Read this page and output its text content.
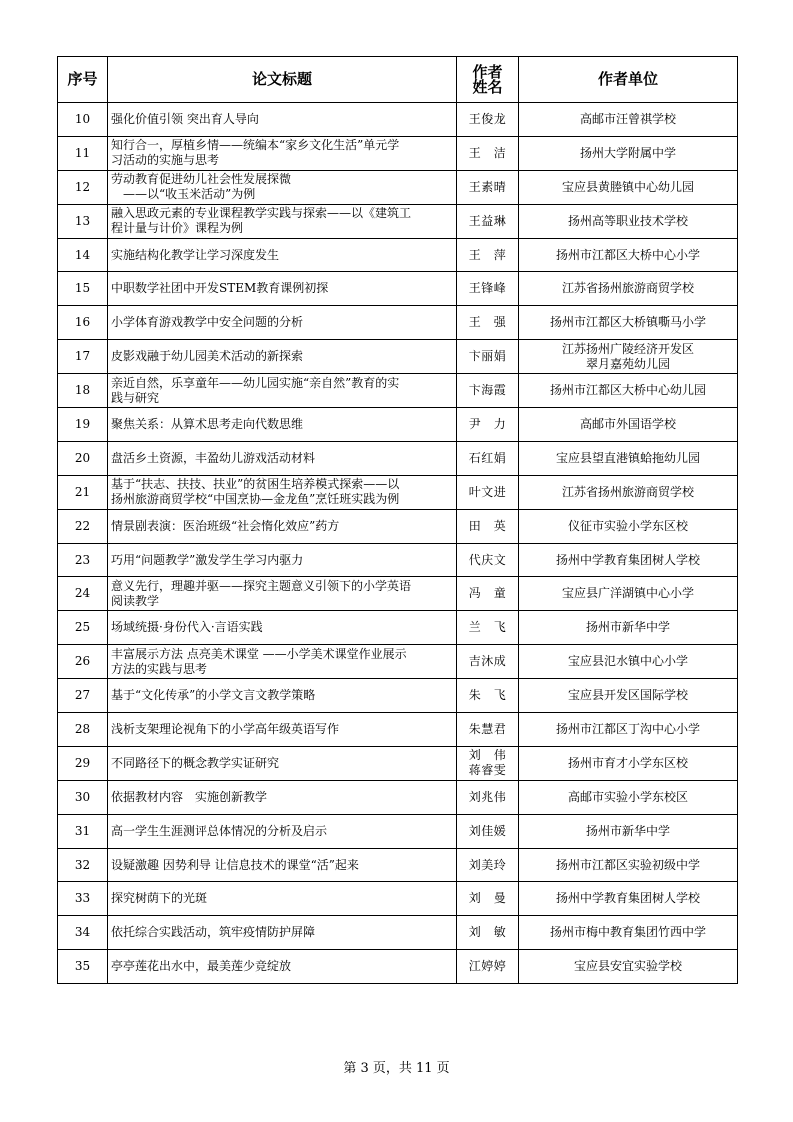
序号	论文标题	作者
姓名	作者单位
10	强化价值引领 突出育人导向	王俊龙	高邮市汪曾祺学校
11	知行合一，厚植乡情——统编本“家乡文化生活”单元学
习活动的实施与思考	王　洁	扬州大学附属中学
12	劳动教育促进幼儿社会性发展探微
　——以“收玉米活动”为例	王素晴	宝应县黄塍镇中心幼儿园
13	融入思政元素的专业课程教学实践与探索——以《建筑工
程计量与计价》课程为例	王益琳	扬州高等职业技术学校
14	实施结构化教学让学习深度发生	王　萍	扬州市江都区大桥中心小学
15	中职数学社团中开发STEM教育课例初探	王锋峰	江苏省扬州旅游商贸学校
16	小学体育游戏教学中安全问题的分析	王　强	扬州市江都区大桥镇嘶马小学
17	皮影戏融于幼儿园美术活动的新探索	卞丽娟	江苏扬州广陵经济开发区
翠月嘉苑幼儿园
18	亲近自然，乐享童年——幼儿园实施“亲自然”教育的实
践与研究	卞海霞	扬州市江都区大桥中心幼儿园
19	聚焦关系：从算术思考走向代数思维	尹　力	高邮市外国语学校
20	盘活乡土资源，丰盈幼儿游戏活动材料	石红娟	宝应县望直港镇蛤拖幼儿园
21	基于“扶志、扶技、扶业”的贫困生培养模式探索——以
扬州旅游商贸学校“中国烹协—金龙鱼”烹饪班实践为例	叶文进	江苏省扬州旅游商贸学校
22	情景剧表演：医治班级“社会惰化效应”药方	田　英	仪征市实验小学东区校
23	巧用“问题教学”激发学生学习内驱力	代庆文	扬州中学教育集团树人学校
24	意义先行，理趣并驱——探究主题意义引领下的小学英语
阅读教学	冯　童	宝应县广洋湖镇中心小学
25	场域统摄·身份代入·言语实践	兰　飞	扬州市新华中学
26	丰富展示方法 点亮美术课堂 ——小学美术课堂作业展示
方法的实践与思考	吉沐成	宝应县氾水镇中心小学
27	基于“文化传承”的小学文言文教学策略	朱　飞	宝应县开发区国际学校
28	浅析支架理论视角下的小学高年级英语写作	朱慧君	扬州市江都区丁沟中心小学
29	不同路径下的概念教学实证研究	刘　伟
蒋睿雯	扬州市育才小学东区校
30	依据教材内容　实施创新教学	刘兆伟	高邮市实验小学东校区
31	高一学生生涯测评总体情况的分析及启示	刘佳媛	扬州市新华中学
32	设疑激趣 因势利导 让信息技术的课堂“活”起来	刘美玲	扬州市江都区实验初级中学
33	探究树荫下的光斑	刘　曼	扬州中学教育集团树人学校
34	依托综合实践活动，筑牢疫情防护屏障	刘　敏	扬州市梅中教育集团竹西中学
35	亭亭莲花出水中，最美莲少竞绽放	江婷婷	宝应县安宜实验学校
第 3 页，共 11 页
